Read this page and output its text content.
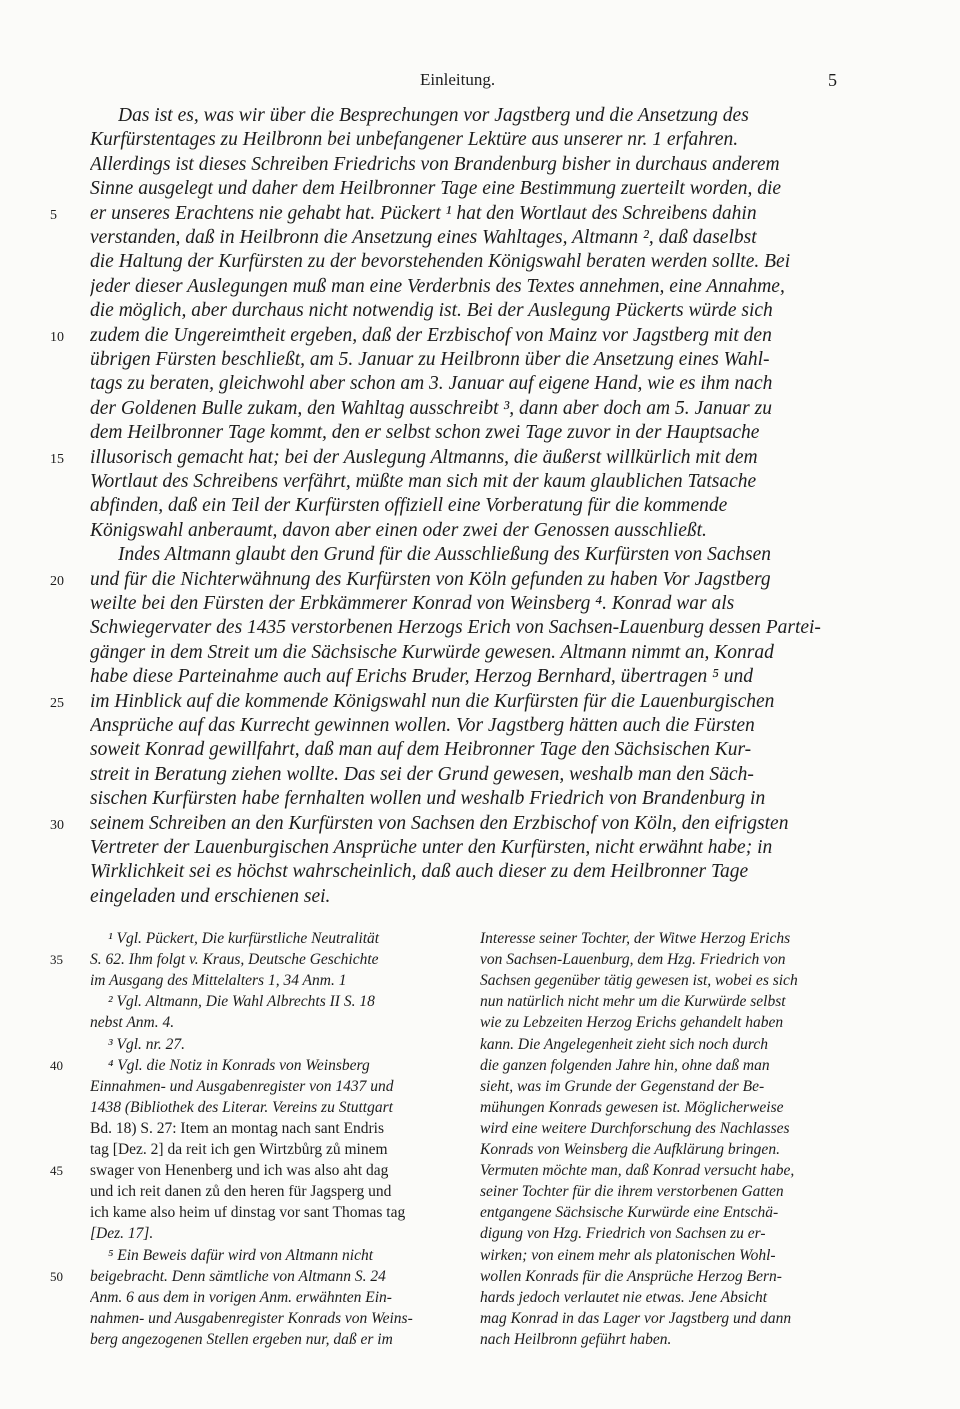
Einleitung.	5
Das ist es, was wir über die Besprechungen vor Jagstberg und die Ansetzung des
Kurfürstentages zu Heilbronn bei unbefangener Lektüre aus unserer nr. 1 erfahren.
Allerdings ist dieses Schreiben Friedrichs von Brandenburg bisher in durchaus anderem
Sinne ausgelegt und daher dem Heilbronner Tage eine Bestimmung zuerteilt worden, die
er unseres Erachtens nie gehabt hat. Pückert ¹ hat den Wortlaut des Schreibens dahin
verstanden, daß in Heilbronn die Ansetzung eines Wahltages, Altmann ², daß daselbst
die Haltung der Kurfürsten zu der bevorstehenden Königswahl beraten werden sollte. Bei
jeder dieser Auslegungen muß man eine Verderbnis des Textes annehmen, eine Annahme,
die möglich, aber durchaus nicht notwendig ist. Bei der Auslegung Pückerts würde sich
zudem die Ungereimtheit ergeben, daß der Erzbischof von Mainz vor Jagstberg mit den
übrigen Fürsten beschließt, am 5. Januar zu Heilbronn über die Ansetzung eines Wahl-
tags zu beraten, gleichwohl aber schon am 3. Januar auf eigene Hand, wie es ihm nach
der Goldenen Bulle zukam, den Wahltag ausschreibt ³, dann aber doch am 5. Januar zu
dem Heilbronner Tage kommt, den er selbst schon zwei Tage zuvor in der Hauptsache
illusorisch gemacht hat; bei der Auslegung Altmanns, die äußerst willkürlich mit dem
Wortlaut des Schreibens verfährt, müßte man sich mit der kaum glaublichen Tatsache
abfinden, daß ein Teil der Kurfürsten offiziell eine Vorberatung für die kommende
Königswahl anberaumt, davon aber einen oder zwei der Genossen ausschließt.
Indes Altmann glaubt den Grund für die Ausschließung des Kurfürsten von Sachsen
und für die Nichterwähnung des Kurfürsten von Köln gefunden zu haben Vor Jagstberg
weilte bei den Fürsten der Erbkämmerer Konrad von Weinsberg ⁴. Konrad war als
Schwiegervater des 1435 verstorbenen Herzogs Erich von Sachsen-Lauenburg dessen Partei-
gänger in dem Streit um die Sächsische Kurwürde gewesen. Altmann nimmt an, Konrad
habe diese Parteinahme auch auf Erichs Bruder, Herzog Bernhard, übertragen ⁵ und
im Hinblick auf die kommende Königswahl nun die Kurfürsten für die Lauenburgischen
Ansprüche auf das Kurrecht gewinnen wollen. Vor Jagstberg hätten auch die Fürsten
soweit Konrad gewillfahrt, daß man auf dem Heibronner Tage den Sächsischen Kur-
streit in Beratung ziehen wollte. Das sei der Grund gewesen, weshalb man den Säch-
sischen Kurfürsten habe fernhalten wollen und weshalb Friedrich von Brandenburg in
seinem Schreiben an den Kurfürsten von Sachsen den Erzbischof von Köln, den eifrigsten
Vertreter der Lauenburgischen Ansprüche unter den Kurfürsten, nicht erwähnt habe; in
Wirklichkeit sei es höchst wahrscheinlich, daß auch dieser zu dem Heilbronner Tage
eingeladen und erschienen sei.
5
10
15
20
25
30
¹ Vgl. Pückert, Die kurfürstliche Neutralität
S. 62. Ihm folgt v. Kraus, Deutsche Geschichte
im Ausgang des Mittelalters 1, 34 Anm. 1
² Vgl. Altmann, Die Wahl Albrechts II S. 18
nebst Anm. 4.
³ Vgl. nr. 27.
⁴ Vgl. die Notiz in Konrads von Weinsberg
Einnahmen- und Ausgabenregister von 1437 und
1438 (Bibliothek des Literar. Vereins zu Stuttgart
Bd. 18) S. 27: Item an montag nach sant Endris
tag [Dez. 2] da reit ich gen Wirtzbůrg zů minem
swager von Henenberg und ich was also aht dag
und ich reit danen zů den heren für Jagsperg und
ich kame also heim uf dinstag vor sant Thomas tag
[Dez. 17].
⁵ Ein Beweis dafür wird von Altmann nicht
beigebracht. Denn sämtliche von Altmann S. 24
Anm. 6 aus dem in vorigen Anm. erwähnten Ein-
nahmen- und Ausgabenregister Konrads von Weins-
berg angezogenen Stellen ergeben nur, daß er im
Interesse seiner Tochter, der Witwe Herzog Erichs
von Sachsen-Lauenburg, dem Hzg. Friedrich von
Sachsen gegenüber tätig gewesen ist, wobei es sich
nun natürlich nicht mehr um die Kurwürde selbst
wie zu Lebzeiten Herzog Erichs gehandelt haben
kann. Die Angelegenheit zieht sich noch durch
die ganzen folgenden Jahre hin, ohne daß man
sieht, was im Grunde der Gegenstand der Be-
mühungen Konrads gewesen ist. Möglicherweise
wird eine weitere Durchforschung des Nachlasses
Konrads von Weinsberg die Aufklärung bringen.
Vermuten möchte man, daß Konrad versucht habe,
seiner Tochter für die ihrem verstorbenen Gatten
entgangene Sächsische Kurwürde eine Entschä-
digung von Hzg. Friedrich von Sachsen zu er-
wirken; von einem mehr als platonischen Wohl-
wollen Konrads für die Ansprüche Herzog Bern-
hards jedoch verlautet nie etwas. Jene Absicht
mag Konrad in das Lager vor Jagstberg und dann
nach Heilbronn geführt haben.
35
40
45
50
